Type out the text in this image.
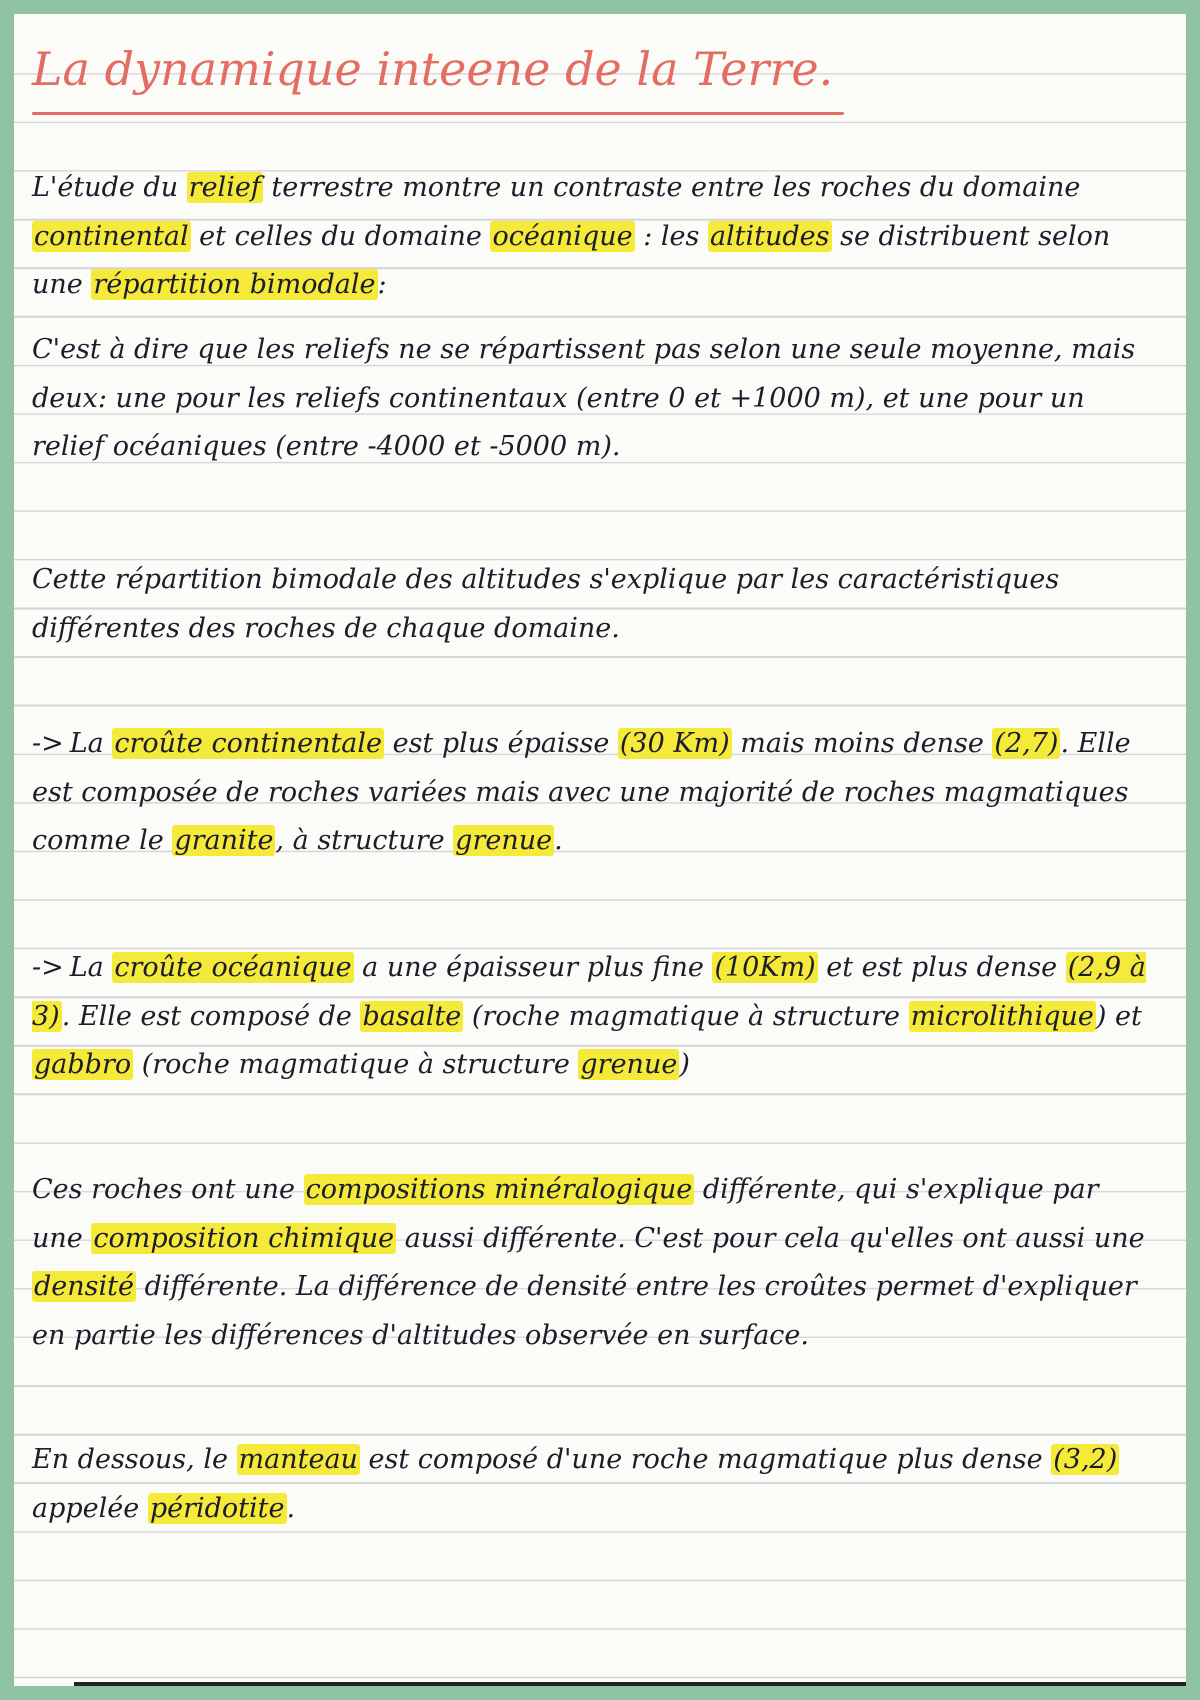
La dynamique inteene de la Terre.

L'étude du relief terrestre montre un contraste entre les roches du domaine continental et celles du domaine océanique : les altitudes se distribuent selon une répartition bimodale:

C'est à dire que les reliefs ne se répartissent pas selon une seule moyenne, mais deux: une pour les reliefs continentaux (entre 0 et +1000 m), et une pour un relief océaniques (entre -4000 et -5000 m).

Cette répartition bimodale des altitudes s'explique par les caractéristiques différentes des roches de chaque domaine.

-> La croûte continentale est plus épaisse (30 Km) mais moins dense (2,7). Elle est composée de roches variées mais avec une majorité de roches magmatiques comme le granite, à structure grenue.

-> La croûte océanique a une épaisseur plus fine (10Km) et est plus dense (2,9 à 3). Elle est composé de basalte (roche magmatique à structure microlithique) et gabbro (roche magmatique à structure grenue)

Ces roches ont une compositions minéralogique différente, qui s'explique par une composition chimique aussi différente. C'est pour cela qu'elles ont aussi une densité différente. La différence de densité entre les croûtes permet d'expliquer en partie les différences d'altitudes observée en surface.

En dessous, le manteau est composé d'une roche magmatique plus dense (3,2) appelée péridotite.
